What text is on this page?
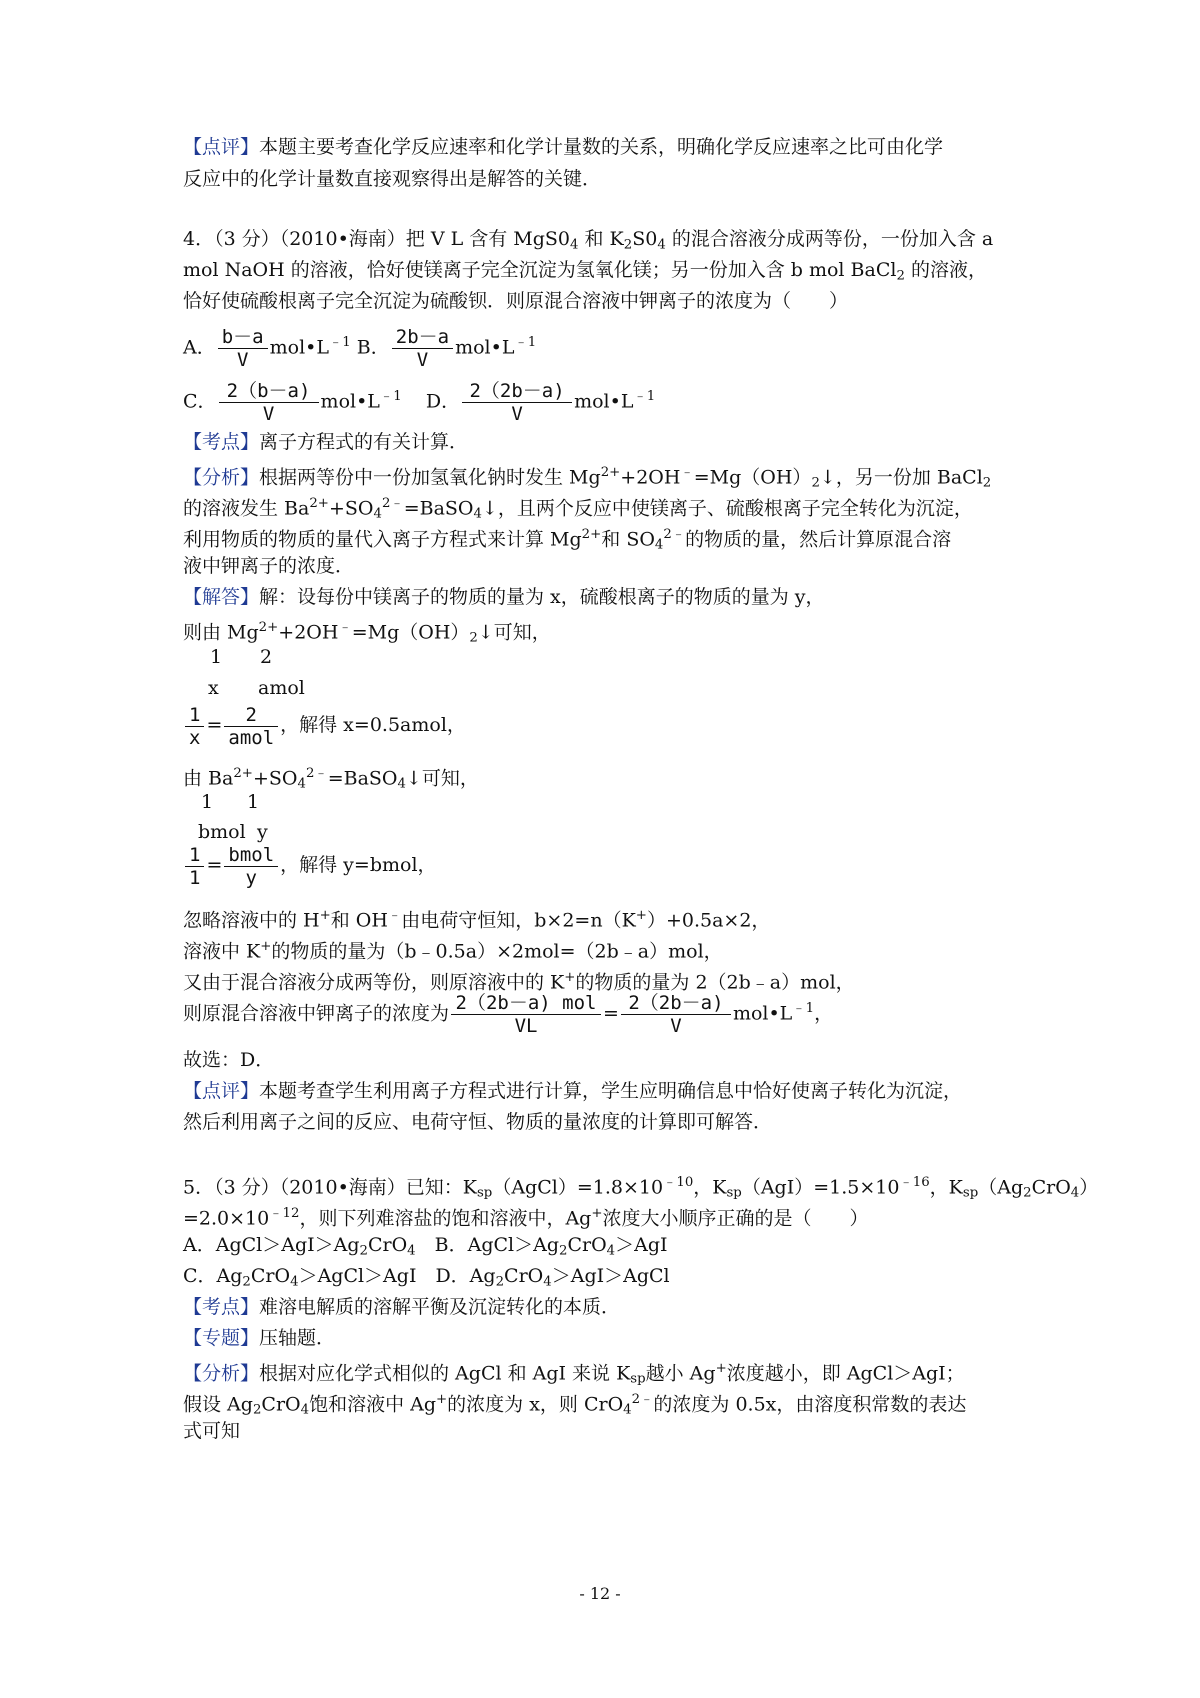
【点评】本题主要考查化学反应速率和化学计量数的关系，明确化学反应速率之比可由化学
反应中的化学计量数直接观察得出是解答的关键．
4．（3 分）（2010•海南）把 V L 含有 $MgS0_4$ 和 $K_2S0_4$ 的混合溶液分成两等份，一份加入含 a
mol NaOH 的溶液，恰好使镁离子完全沉淀为氢氧化镁；另一份加入含 b mol BaCl$_2$ 的溶液，
恰好使硫酸根离子完全沉淀为硫酸钡．则原混合溶液中钾离子的浓度为（　　）
A． $\frac{b-a}{V}$ $mol•L^{﹣1}$ B． $\frac{2b-a}{V}$ $mol•L^{﹣1}$
C． $\frac{2(b-a)}{V}$ $mol•L^{﹣1}$ D． $\frac{2(2b-a)}{V}$ $mol•L^{﹣1}$
【考点】离子方程式的有关计算．
【分析】根据两等份中一份加氢氧化钠时发生 $Mg^{2+}+2OH^﹣=Mg(OH)_2↓$，另一份加 BaCl$_2$
的溶液发生 $Ba^{2+}+SO_4^{2﹣}=BaSO_4↓$，且两个反应中使镁离子、硫酸根离子完全转化为沉淀，
利用物质的物质的量代入离子方程式来计算 $Mg^{2+}$和 $SO_4^{2﹣}$的物质的量，然后计算原混合溶
液中钾离子的浓度．
【解答】解：设每份中镁离子的物质的量为 x，硫酸根离子的物质的量为 y，
则由 $Mg^{2+}+2OH^﹣=Mg(OH)_2↓$可知，
1 2
x amol
$\frac{1}{x} = \frac{2}{\text{amol}}$ ，解得 x=0.5amol，
由 $Ba^{2+}+SO_4^{2﹣}=BaSO_4↓$可知，
1 1
bmol y
$\frac{1}{1} = \frac{\text{bmol}}{y}$ ，解得 y=bmol，
忽略溶液中的 H+和 OH﹣由电荷守恒知，b×2=n（K+）+0.5a×2，
溶液中 K+的物质的量为（b﹣0.5a）×2mol=（2b﹣a）mol，
又由于混合溶液分成两等份，则原溶液中的 K+的物质的量为 2（2b﹣a）mol，
则原混合溶液中钾离子的浓度为 $\frac{\text{2（2b－a) mol}}{VL} = \frac{2(2b-a)}{V}$ $mol•L^{﹣1}$，
故选：D．
【点评】本题考查学生利用离子方程式进行计算，学生应明确信息中恰好使离子转化为沉淀，
然后利用离子之间的反应、电荷守恒、物质的量浓度的计算即可解答．
5．（3 分）（2010•海南）已知：$K_{sp}(AgCl)=1.8\times 10^{﹣10}$，$K_{sp}(AgI)=1.5\times 10^{﹣16}$，$K_{sp}(Ag_2CrO_4)$
$=2.0\times 10^{﹣12}$，则下列难溶盐的饱和溶液中，Ag+浓度大小顺序正确的是（　　）
A．$AgCl>AgI>Ag_2CrO_4$　B．$AgCl>Ag_2CrO_4>AgI$
C．$Ag_2CrO_4>AgCl>AgI$　D．$Ag_2CrO_4>AgI>AgCl$
【考点】难溶电解质的溶解平衡及沉淀转化的本质．
【专题】压轴题．
【分析】根据对应化学式相似的 AgCl 和 AgI 来说 $K_{sp}$越小 Ag+浓度越小，即 AgCl＞AgI；
假设 $Ag_2CrO_4$饱和溶液中 Ag+的浓度为 x，则 CrO$_4^{2﹣}$的浓度为 0.5x，由溶度积常数的表达
式可知
- 12 -
